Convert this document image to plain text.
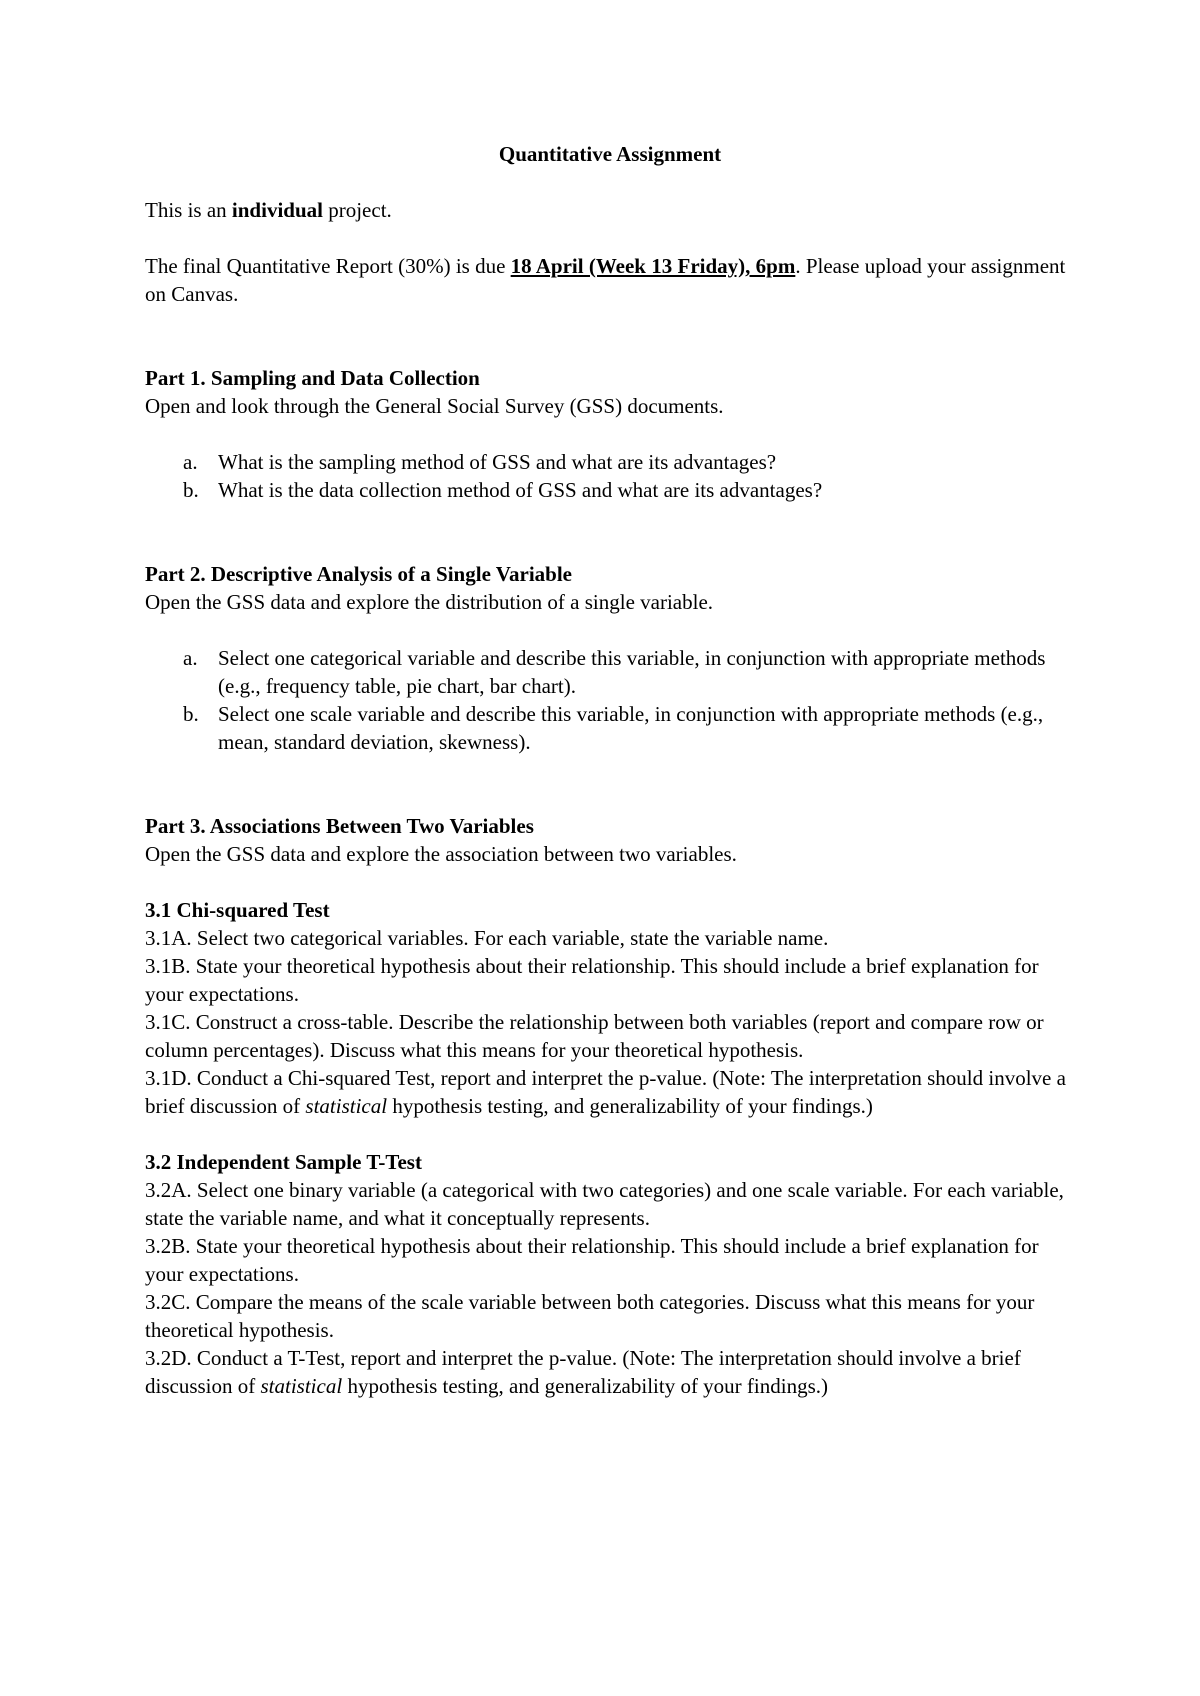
Quantitative Assignment

This is an individual project.

The final Quantitative Report (30%) is due 18 April (Week 13 Friday), 6pm. Please upload your assignment on Canvas.

Part 1. Sampling and Data Collection

Open and look through the General Social Survey (GSS) documents.

a. What is the sampling method of GSS and what are its advantages?
b. What is the data collection method of GSS and what are its advantages?

Part 2. Descriptive Analysis of a Single Variable

Open the GSS data and explore the distribution of a single variable.

a. Select one categorical variable and describe this variable, in conjunction with appropriate methods (e.g., frequency table, pie chart, bar chart).
b. Select one scale variable and describe this variable, in conjunction with appropriate methods (e.g., mean, standard deviation, skewness).

Part 3. Associations Between Two Variables

Open the GSS data and explore the association between two variables.

3.1 Chi-squared Test

3.1A. Select two categorical variables. For each variable, state the variable name.

3.1B. State your theoretical hypothesis about their relationship. This should include a brief explanation for your expectations.

3.1C. Construct a cross-table. Describe the relationship between both variables (report and compare row or column percentages). Discuss what this means for your theoretical hypothesis.

3.1D. Conduct a Chi-squared Test, report and interpret the p-value. (Note: The interpretation should involve a brief discussion of statistical hypothesis testing, and generalizability of your findings.)

3.2 Independent Sample T-Test

3.2A. Select one binary variable (a categorical with two categories) and one scale variable. For each variable, state the variable name, and what it conceptually represents.

3.2B. State your theoretical hypothesis about their relationship. This should include a brief explanation for your expectations.

3.2C. Compare the means of the scale variable between both categories. Discuss what this means for your theoretical hypothesis.

3.2D. Conduct a T-Test, report and interpret the p-value. (Note: The interpretation should involve a brief discussion of statistical hypothesis testing, and generalizability of your findings.)
